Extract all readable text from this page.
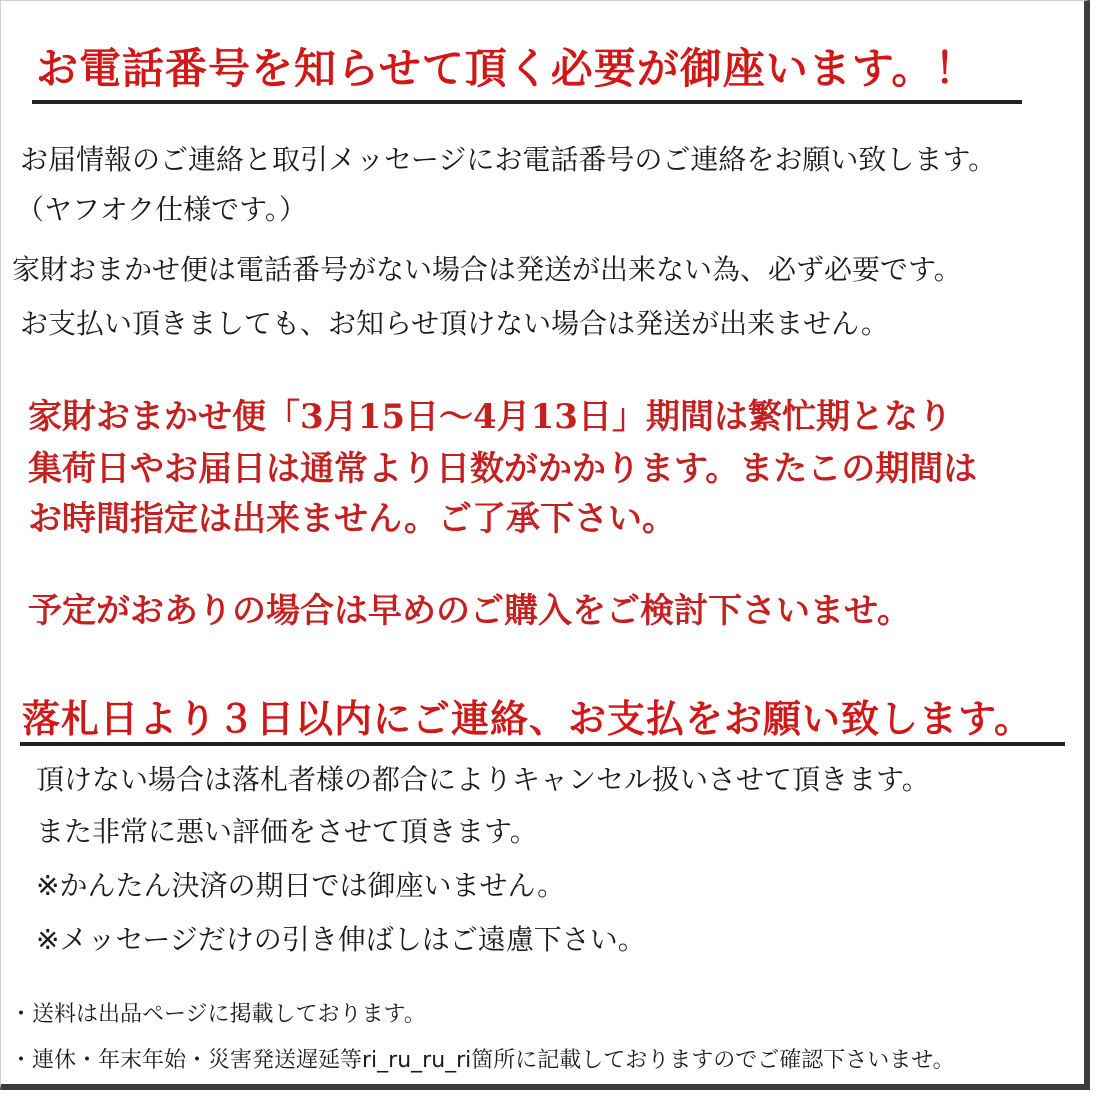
お電話番号を知らせて頂く必要が御座います。！
お届情報のご連絡と取引メッセージにお電話番号のご連絡をお願い致します。
（ヤフオク仕様です。）
家財おまかせ便は電話番号がない場合は発送が出来ない為、必ず必要です。
お支払い頂きましても、お知らせ頂けない場合は発送が出来ません。
家財おまかせ便「3月15日～4月13日」期間は繁忙期となり
集荷日やお届日は通常より日数がかかります。またこの期間は
お時間指定は出来ません。ご了承下さい。
予定がおありの場合は早めのご購入をご検討下さいませ。
落札日より３日以内にご連絡、お支払をお願い致します。
頂けない場合は落札者様の都合によりキャンセル扱いさせて頂きます。
また非常に悪い評価をさせて頂きます。
※かんたん決済の期日では御座いません。
※メッセージだけの引き伸ばしはご遠慮下さい。
・送料は出品ページに掲載しております。
・連休・年末年始・災害発送遅延等ri_ru_ru_ri箇所に記載しておりますのでご確認下さいませ。
